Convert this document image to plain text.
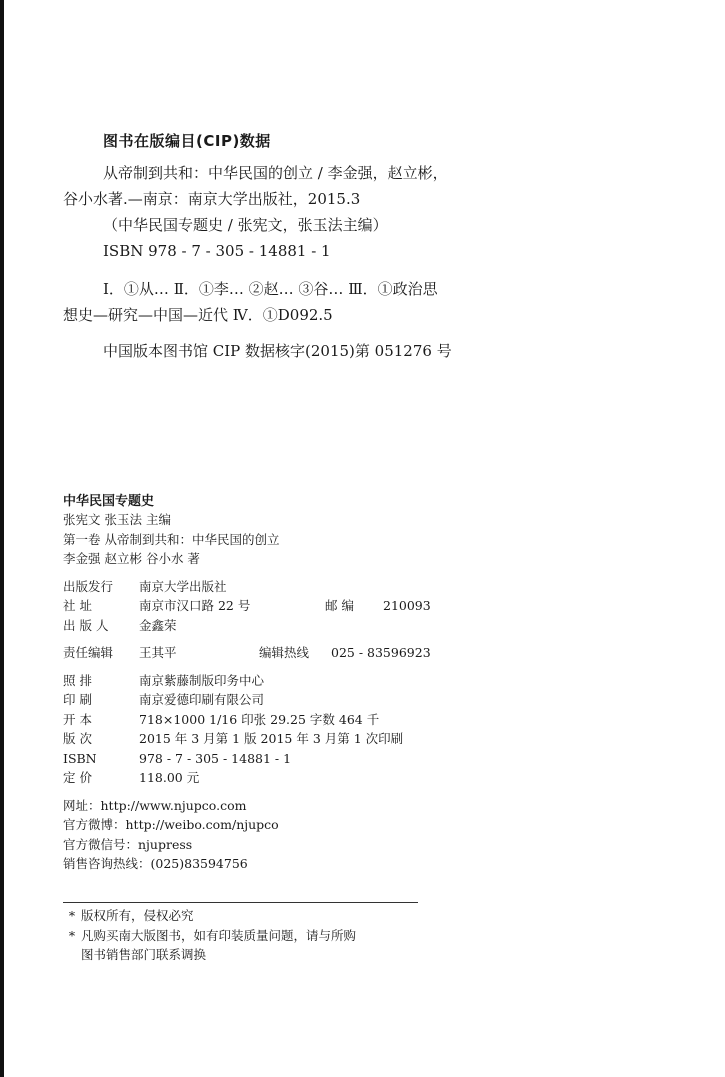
图书在版编目(CIP)数据
从帝制到共和：中华民国的创立 / 李金强，赵立彬，
谷小水著.—南京：南京大学出版社，2015.3
（中华民国专题史 / 张宪文，张玉法主编）
ISBN 978 - 7 - 305 - 14881 - 1
Ⅰ．①从… Ⅱ．①李… ②赵… ③谷… Ⅲ．①政治思
想史—研究—中国—近代 Ⅳ．①D092.5
中国版本图书馆 CIP 数据核字(2015)第 051276 号
中华民国专题史
张宪文 张玉法 主编
第一卷 从帝制到共和：中华民国的创立
李金强 赵立彬 谷小水 著
出版发行 南京大学出版社
社 址	南京市汉口路 22 号	邮 编 210093
出 版 人 金鑫荣
责任编辑 王其平	编辑热线 025 - 83596923
照 排	南京紫藤制版印务中心
印 刷	南京爱德印刷有限公司
开 本	718×1000 1/16 印张 29.25 字数 464 千
版 次	2015 年 3 月第 1 版 2015 年 3 月第 1 次印刷
ISBN	978 - 7 - 305 - 14881 - 1
定 价	118.00 元
网址：http://www.njupco.com
官方微博：http://weibo.com/njupco
官方微信号：njupress
销售咨询热线：(025)83594756
* 版权所有，侵权必究
* 凡购买南大版图书，如有印装质量问题，请与所购
图书销售部门联系调换
